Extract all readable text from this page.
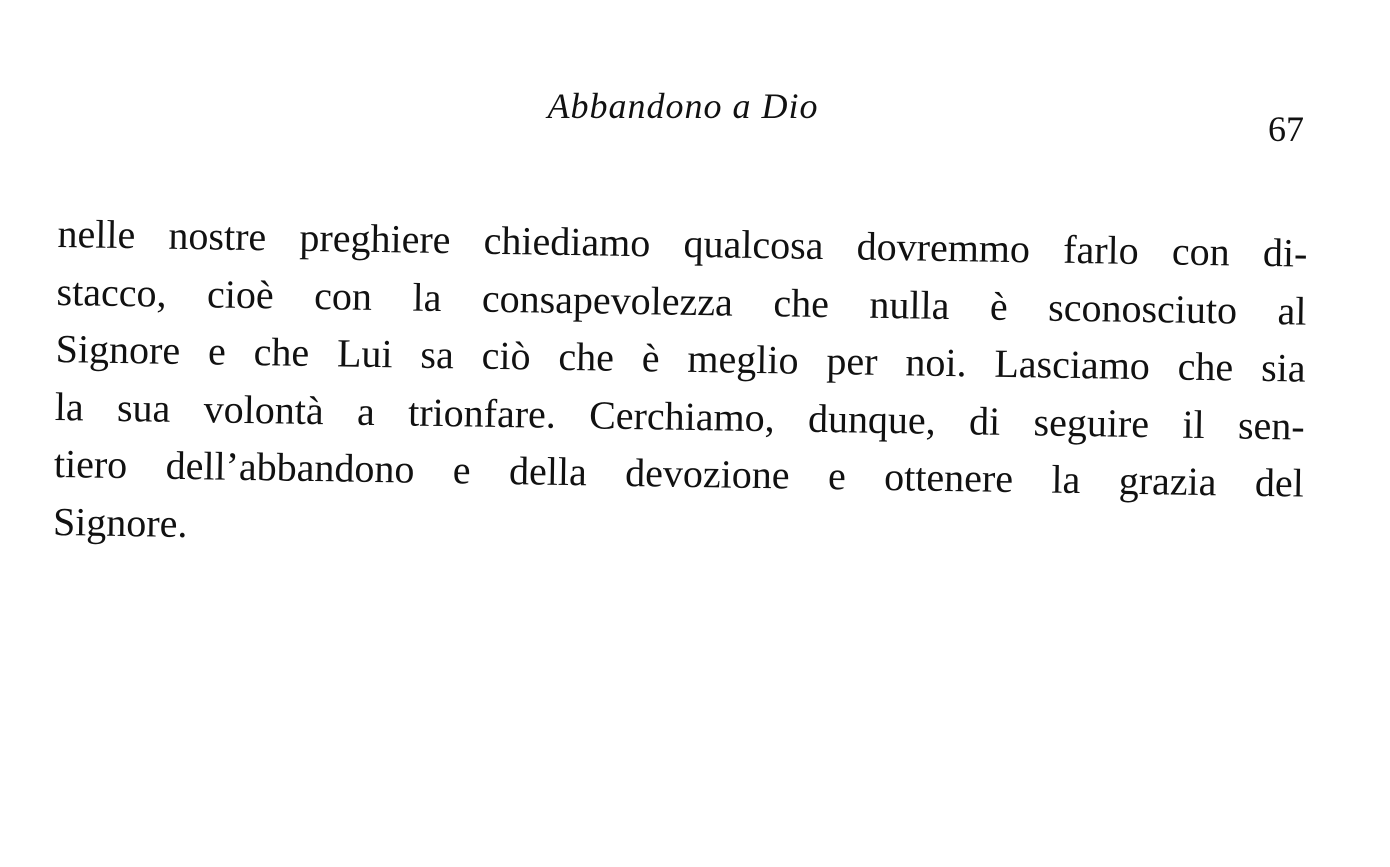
Abbandono a Dio
67
nelle nostre preghiere chiediamo qualcosa dovremmo farlo con di-
stacco, cioè con la consapevolezza che nulla è sconosciuto al
Signore e che Lui sa ciò che è meglio per noi. Lasciamo che sia
la sua volontà a trionfare. Cerchiamo, dunque, di seguire il sen-
tiero dell’abbandono e della devozione e ottenere la grazia del
Signore.
